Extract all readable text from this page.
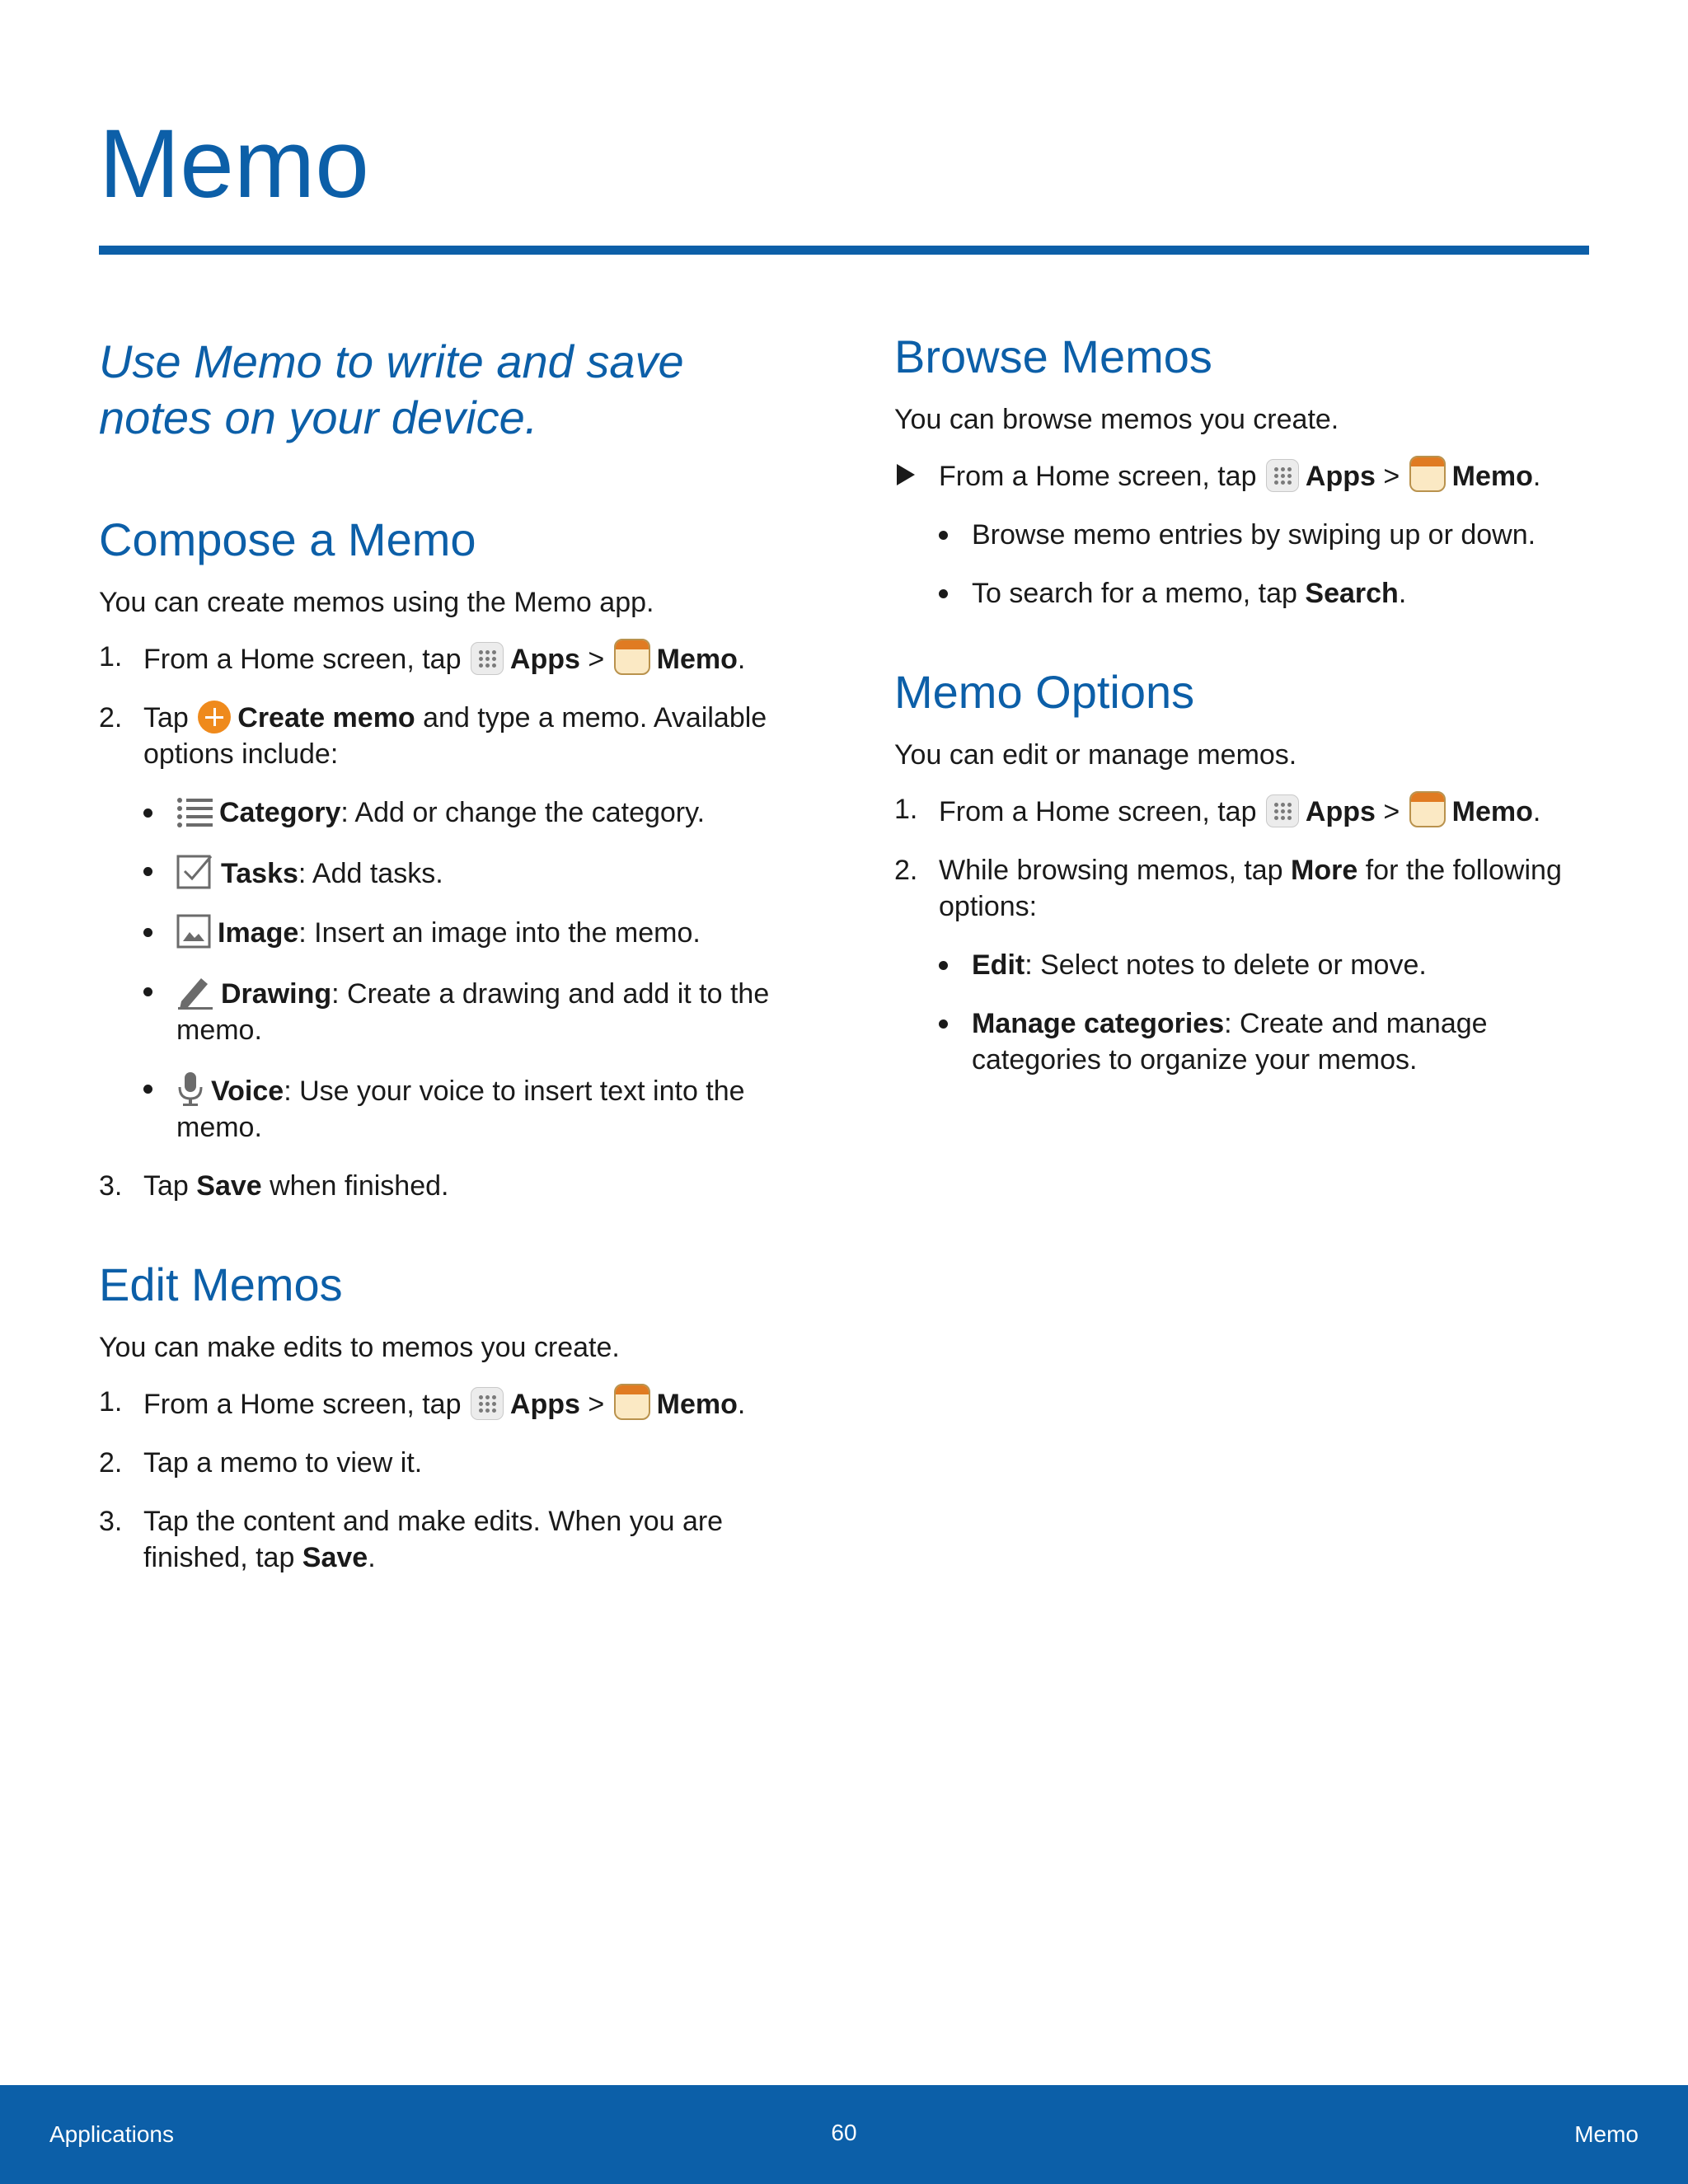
Memo
Use Memo to write and save notes on your device.
Compose a Memo
You can create memos using the Memo app.
1. From a Home screen, tap
Apps > Memo.
2. Tap Create memo and type a memo. Available options include:
Category: Add or change the category.
Tasks: Add tasks.
Image: Insert an image into the memo.
Drawing: Create a drawing and add it to the memo.
Voice: Use your voice to insert text into the memo.
3. Tap Save when finished.
Edit Memos
You can make edits to memos you create.
1. From a Home screen, tap
Apps > Memo.
2. Tap a memo to view it.
3. Tap the content and make edits. When you are finished, tap Save.
Browse Memos
You can browse memos you create.
From a Home screen, tap
Apps > Memo.
Browse memo entries by swiping up or down.
To search for a memo, tap Search.
Memo Options
You can edit or manage memos.
1. From a Home screen, tap
Apps > Memo.
2. While browsing memos, tap More for the following options:
Edit: Select notes to delete or move.
Manage categories: Create and manage categories to organize your memos.
Applications	60	Memo
